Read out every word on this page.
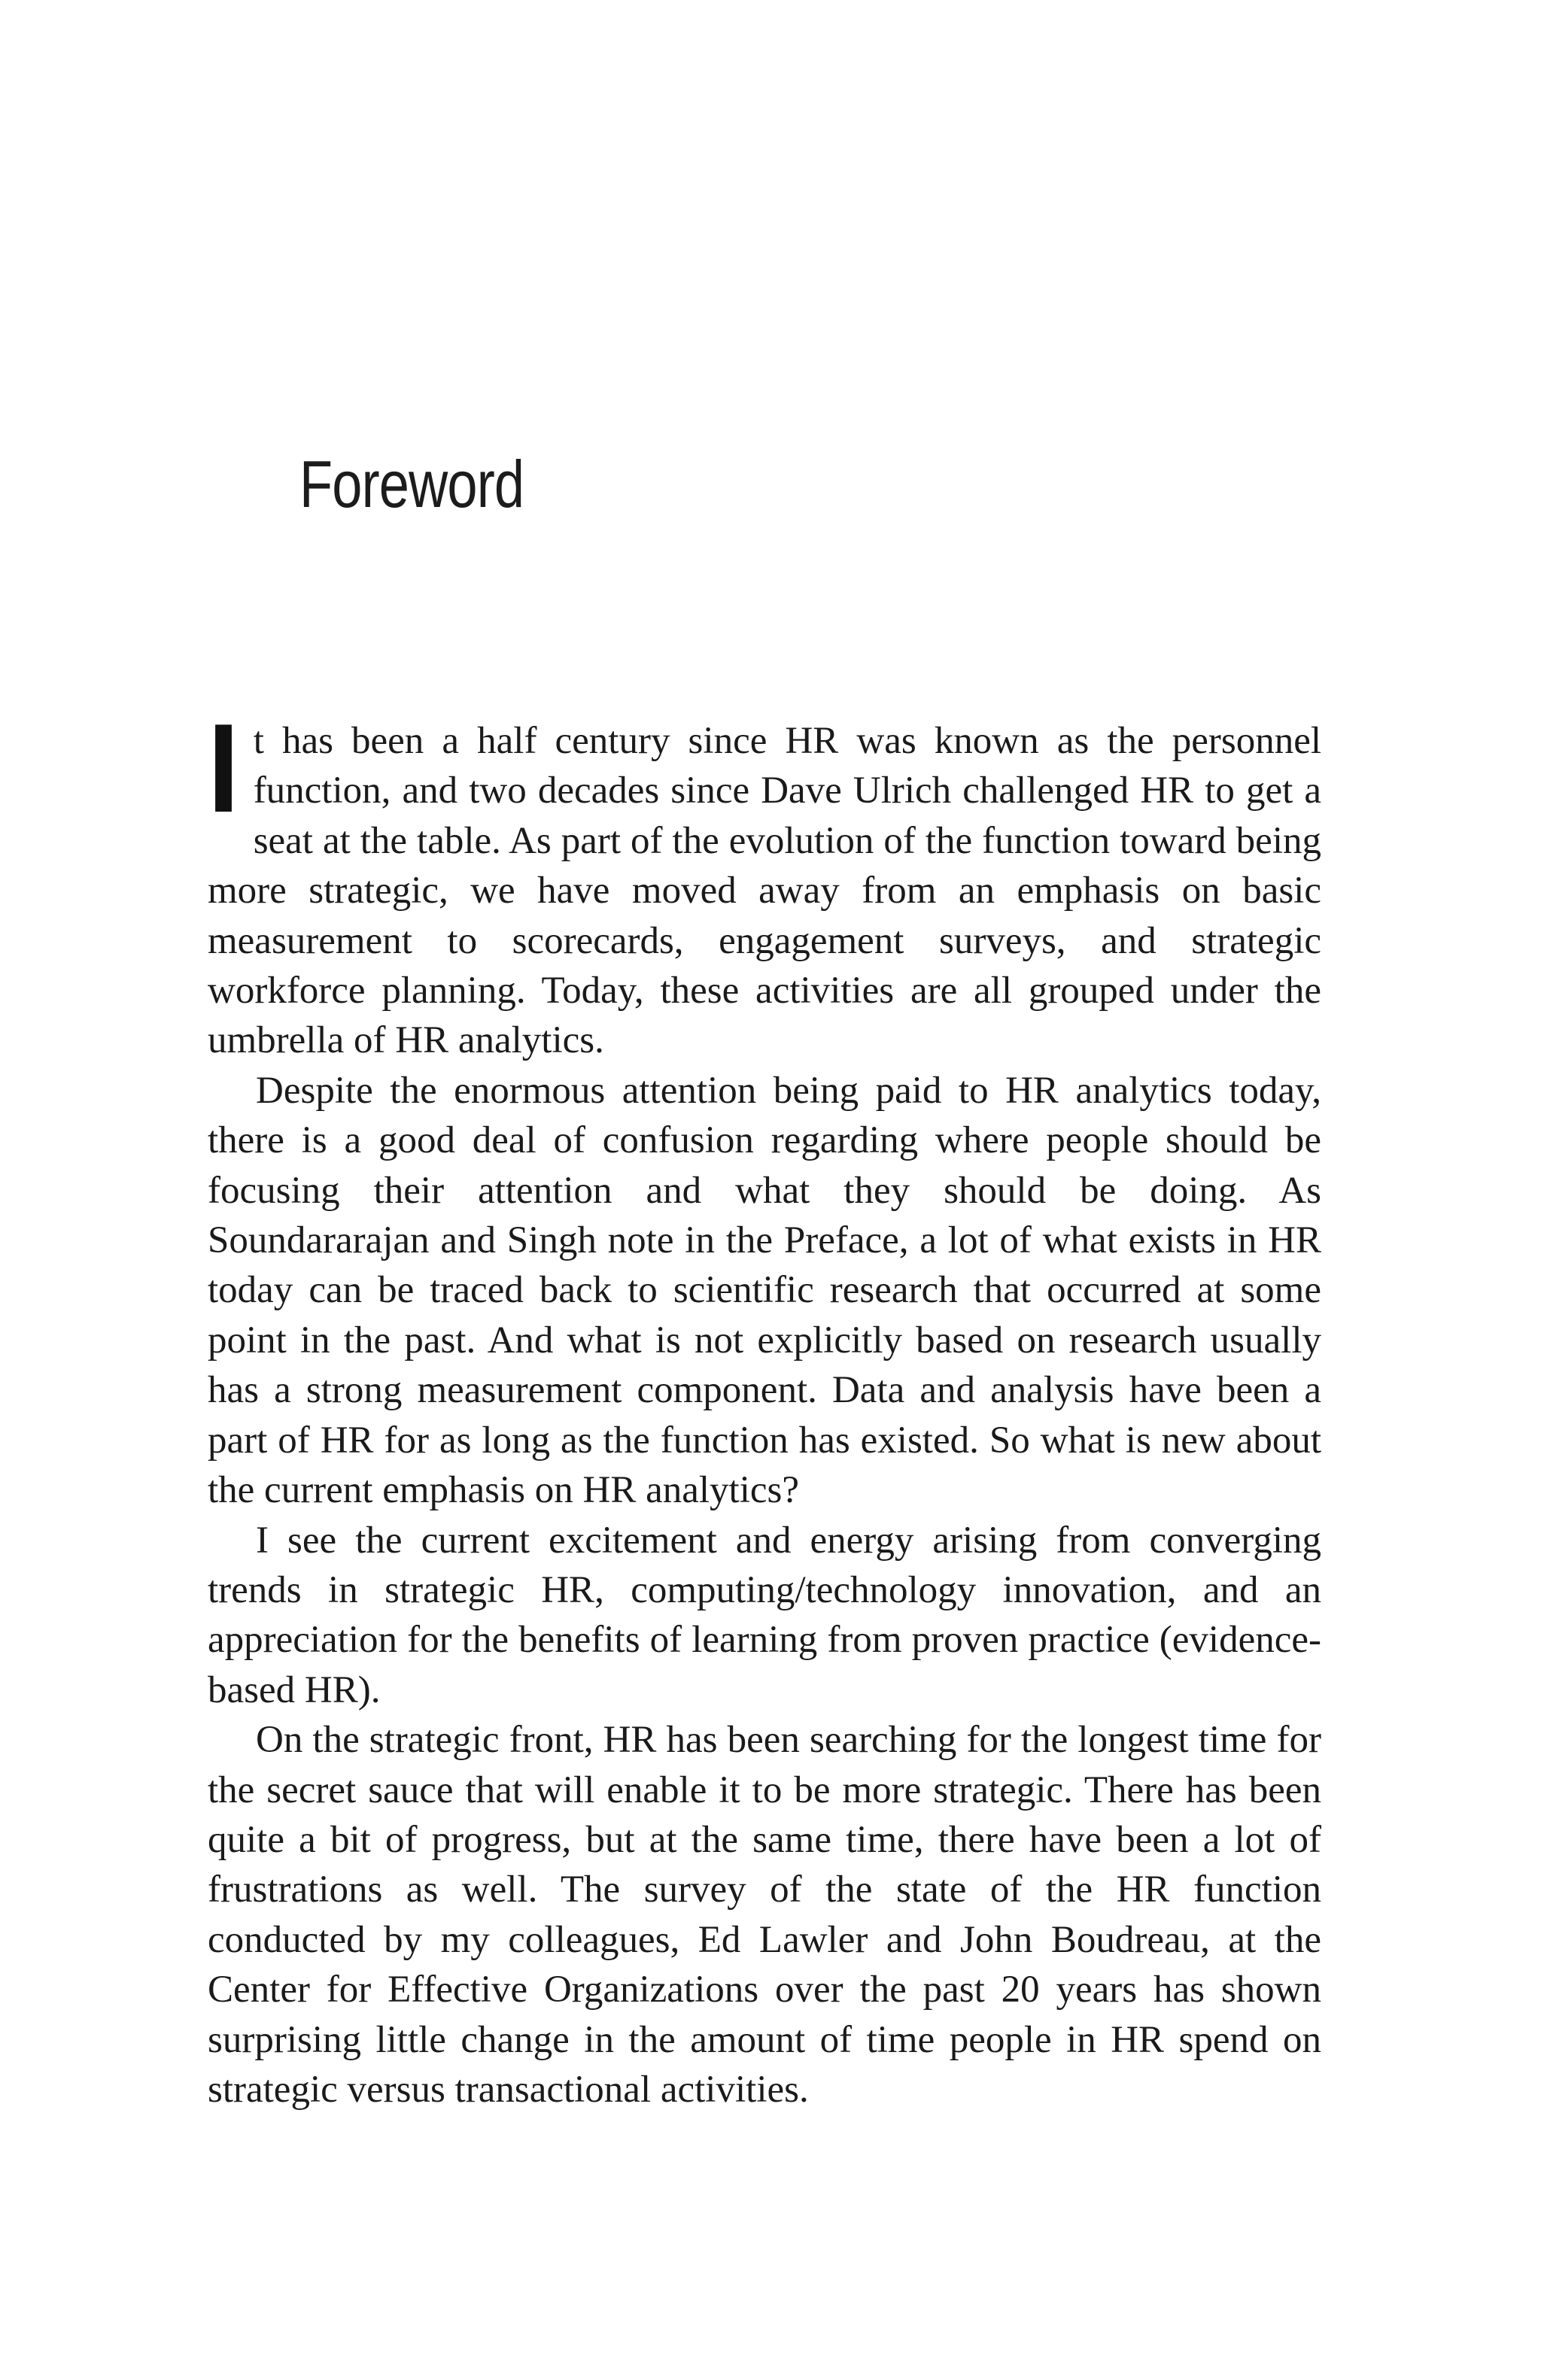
Foreword

It has been a half century since HR was known as the personnel function, and two decades since Dave Ulrich challenged HR to get a seat at the table. As part of the evolution of the function toward being more strategic, we have moved away from an emphasis on basic measurement to scorecards, engagement surveys, and strategic workforce planning. Today, these activities are all grouped under the umbrella of HR analytics.

Despite the enormous attention being paid to HR analytics today, there is a good deal of confusion regarding where people should be focusing their attention and what they should be doing. As Soundararajan and Singh note in the Preface, a lot of what exists in HR today can be traced back to scientific research that occurred at some point in the past. And what is not explicitly based on research usually has a strong measurement component. Data and analysis have been a part of HR for as long as the function has existed. So what is new about the current emphasis on HR analytics?

I see the current excitement and energy arising from converging trends in strategic HR, computing/technology innovation, and an appreciation for the benefits of learning from proven practice (evidence-based HR).

On the strategic front, HR has been searching for the longest time for the secret sauce that will enable it to be more strategic. There has been quite a bit of progress, but at the same time, there have been a lot of frustrations as well. The survey of the state of the HR function conducted by my colleagues, Ed Lawler and John Boudreau, at the Center for Effective Organizations over the past 20 years has shown surprising little change in the amount of time people in HR spend on strategic versus transactional activities.
